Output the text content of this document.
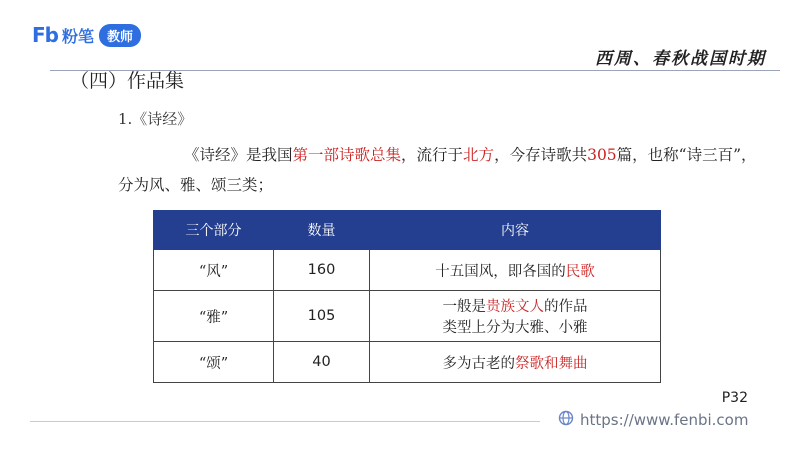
Fb 粉笔	教师
西周、春秋战国时期
（四）作品集
1.《诗经》
《诗经》是我国第一部诗歌总集，流行于北方，今存诗歌共305篇，也称“诗三百”，分为风、雅、颂三类；
三个部分	数量	内容
“风”	160	十五国风，即各国的民歌
“雅”	105	一般是贵族文人的作品
类型上分为大雅、小雅
“颂”	40	多为古老的祭歌和舞曲
P32
https://www.fenbi.com
